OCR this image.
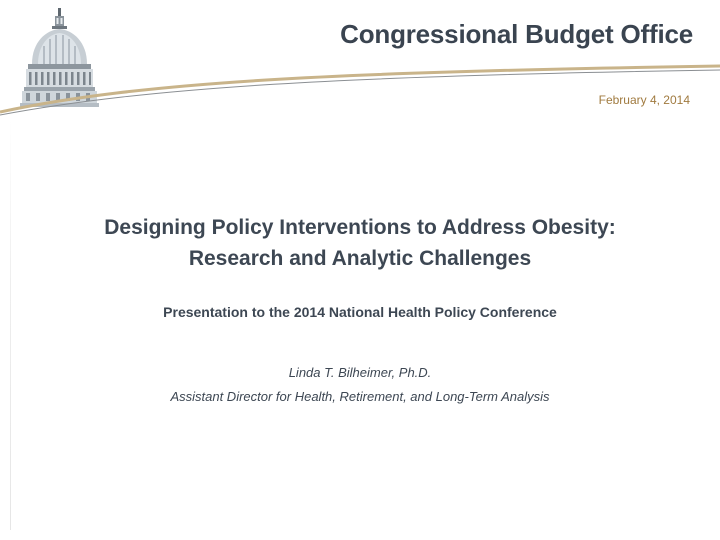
Congressional Budget Office
February 4, 2014
Designing Policy Interventions to Address Obesity:
Research and Analytic Challenges
Presentation to the 2014 National Health Policy Conference
Linda T. Bilheimer, Ph.D.
Assistant Director for Health, Retirement, and Long-Term Analysis
